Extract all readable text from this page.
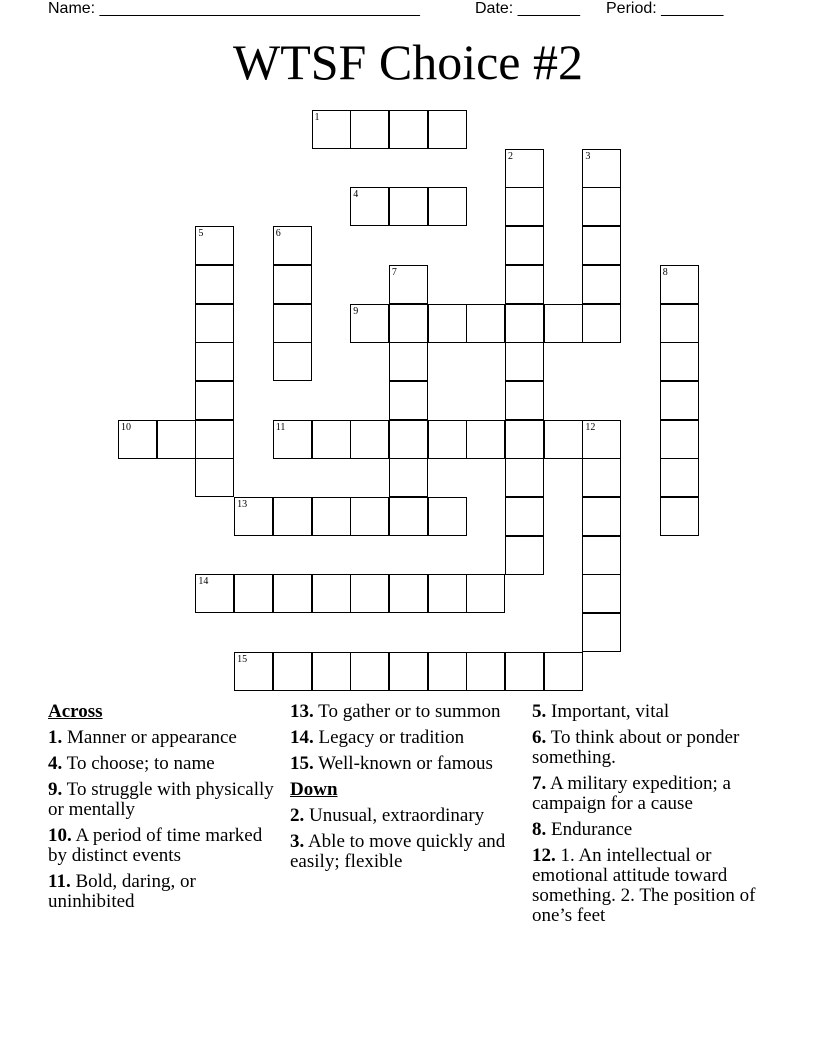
Name: ____________________________________	Date: _______ Period: _______
WTSF Choice #2
1
2	3
4
5	6
7	8
9
10	11	12
13
14
15
Across
1. Manner or appearance
4. To choose; to name
9. To struggle with physically or mentally
10. A period of time marked by distinct events
11. Bold, daring, or uninhibited
13. To gather or to summon
14. Legacy or tradition
15. Well-known or famous
Down
2. Unusual, extraordinary
3. Able to move quickly and easily; flexible
5. Important, vital
6. To think about or ponder something.
7. A military expedition; a campaign for a cause
8. Endurance
12. 1. An intellectual or emotional attitude toward something. 2. The position of one’s feet
